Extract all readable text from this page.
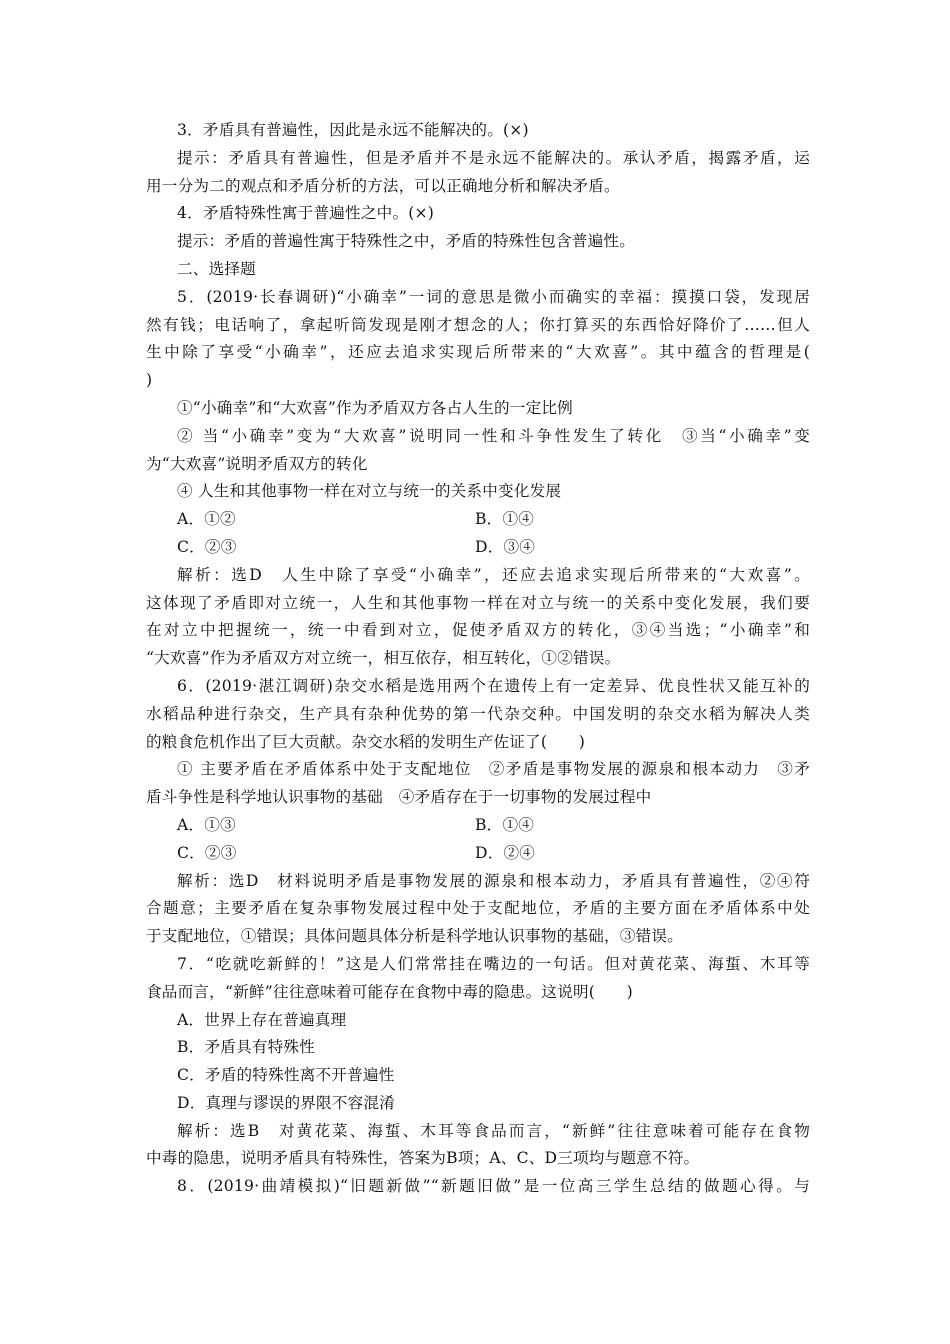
3．矛盾具有普遍性，因此是永远不能解决的。(×)
提示：矛盾具有普遍性，但是矛盾并不是永远不能解决的。承认矛盾，揭露矛盾，运
用一分为二的观点和矛盾分析的方法，可以正确地分析和解决矛盾。
4．矛盾特殊性寓于普遍性之中。(×)
提示：矛盾的普遍性寓于特殊性之中，矛盾的特殊性包含普遍性。
二、选择题
5．(2019·长春调研)“小确幸”一词的意思是微小而确实的幸福：摸摸口袋，发现居
然有钱；电话响了，拿起听筒发现是刚才想念的人；你打算买的东西恰好降价了……但人
生中除了享受“小确幸”，还应去追求实现后所带来的“大欢喜”。其中蕴含的哲理是(
)
①“小确幸”和“大欢喜”作为矛盾双方各占人生的一定比例
② 当“小确幸”变为“大欢喜”说明同一性和斗争性发生了转化　③当“小确幸”变
为“大欢喜”说明矛盾双方的转化
④ 人生和其他事物一样在对立与统一的关系中变化发展
A．①②	B．①④
C．②③	D．③④
解析：选D　人生中除了享受“小确幸”，还应去追求实现后所带来的“大欢喜”。
这体现了矛盾即对立统一，人生和其他事物一样在对立与统一的关系中变化发展，我们要
在对立中把握统一，统一中看到对立，促使矛盾双方的转化，③④当选；“小确幸”和
“大欢喜”作为矛盾双方对立统一，相互依存，相互转化，①②错误。
6．(2019·湛江调研)杂交水稻是选用两个在遗传上有一定差异、优良性状又能互补的
水稻品种进行杂交，生产具有杂种优势的第一代杂交种。中国发明的杂交水稻为解决人类
的粮食危机作出了巨大贡献。杂交水稻的发明生产佐证了(　　)
① 主要矛盾在矛盾体系中处于支配地位　②矛盾是事物发展的源泉和根本动力　③矛
盾斗争性是科学地认识事物的基础　④矛盾存在于一切事物的发展过程中
A．①③	B．①④
C．②③	D．②④
解析：选D　材料说明矛盾是事物发展的源泉和根本动力，矛盾具有普遍性，②④符
合题意；主要矛盾在复杂事物发展过程中处于支配地位，矛盾的主要方面在矛盾体系中处
于支配地位，①错误；具体问题具体分析是科学地认识事物的基础，③错误。
7．“吃就吃新鲜的！”这是人们常常挂在嘴边的一句话。但对黄花菜、海蜇、木耳等
食品而言，“新鲜”往往意味着可能存在食物中毒的隐患。这说明(　　)
A．世界上存在普遍真理
B．矛盾具有特殊性
C．矛盾的特殊性离不开普遍性
D．真理与谬误的界限不容混淆
解析：选B　对黄花菜、海蜇、木耳等食品而言，“新鲜”往往意味着可能存在食物
中毒的隐患，说明矛盾具有特殊性，答案为B项；A、C、D三项均与题意不符。
8．(2019·曲靖模拟)“旧题新做”“新题旧做”是一位高三学生总结的做题心得。与
